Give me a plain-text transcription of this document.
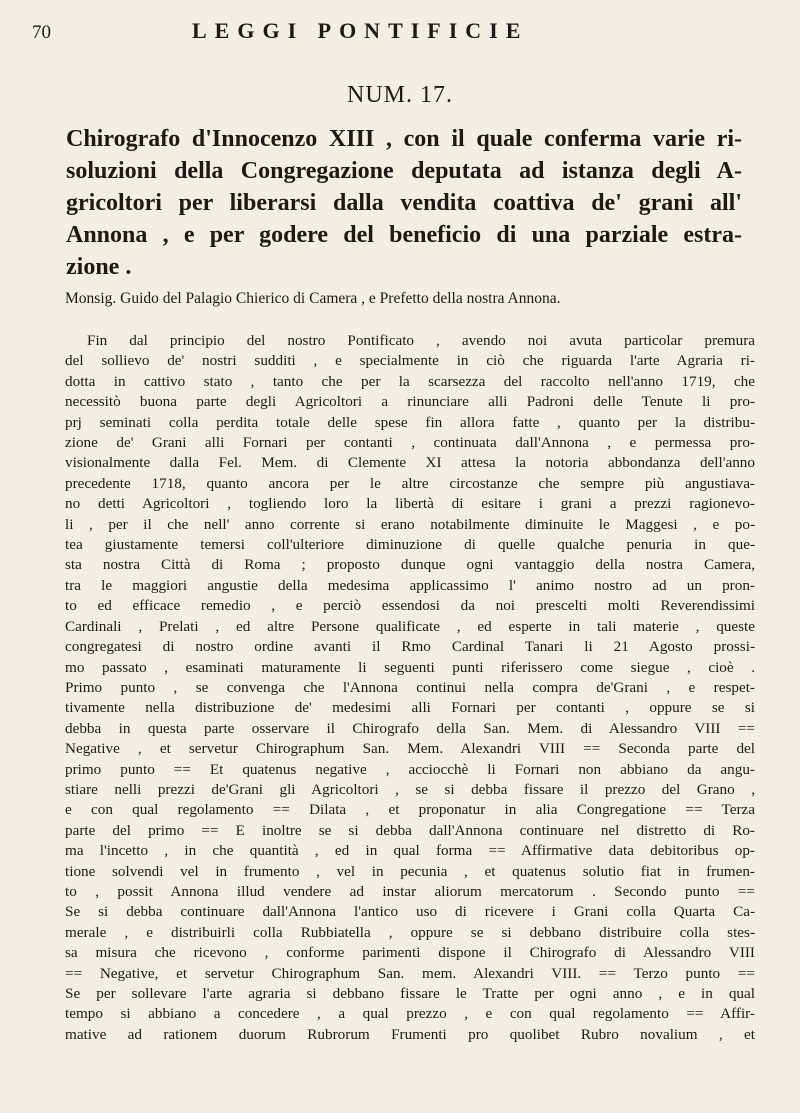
70	LEGGI PONTIFICIE
NUM. 17.
Chirografo d'Innocenzo XIII , con il quale conferma varie ri-
soluzioni della Congregazione deputata ad istanza degli A-
gricoltori per liberarsi dalla vendita coattiva de' grani all'
Annona , e per godere del beneficio di una parziale estra-
zione .
Monsig. Guido del Palagio Chierico di Camera , e Prefetto della nostra Annona.
Fin dal principio del nostro Pontificato , avendo noi avuta particolar premura
del sollievo de' nostri sudditi , e specialmente in ciò che riguarda l'arte Agraria ri-
dotta in cattivo stato , tanto che per la scarsezza del raccolto nell'anno 1719, che
necessitò buona parte degli Agricoltori a rinunciare alli Padroni delle Tenute li pro-
prj seminati colla perdita totale delle spese fin allora fatte , quanto per la distribu-
zione de' Grani alli Fornari per contanti , continuata dall'Annona , e permessa pro-
visionalmente dalla Fel. Mem. di Clemente XI attesa la notoria abbondanza dell'anno
precedente 1718, quanto ancora per le altre circostanze che sempre più angustiava-
no detti Agricoltori , togliendo loro la libertà di esitare i grani a prezzi ragionevo-
li , per il che nell' anno corrente si erano notabilmente diminuite le Maggesi , e po-
tea giustamente temersi coll'ulteriore diminuzione di quelle qualche penuria in que-
sta nostra Città di Roma ; proposto dunque ogni vantaggio della nostra Camera,
tra le maggiori angustie della medesima applicassimo l' animo nostro ad un pron-
to ed efficace remedio , e perciò essendosi da noi prescelti molti Reverendissimi
Cardinali , Prelati , ed altre Persone qualificate , ed esperte in tali materie , queste
congregatesi di nostro ordine avanti il Rmo Cardinal Tanari li 21 Agosto prossi-
mo passato , esaminati maturamente li seguenti punti riferissero come siegue , cioè .
Primo punto , se convenga che l'Annona continui nella compra de'Grani , e respet-
tivamente nella distribuzione de' medesimi alli Fornari per contanti , oppure se si
debba in questa parte osservare il Chirografo della San. Mem. di Alessandro VIII ==
Negative , et servetur Chirographum San. Mem. Alexandri VIII == Seconda parte del
primo punto == Et quatenus negative , acciocchè li Fornari non abbiano da angu-
stiare nelli prezzi de'Grani gli Agricoltori , se si debba fissare il prezzo del Grano ,
e con qual regolamento == Dilata , et proponatur in alia Congregatione == Terza
parte del primo == E inoltre se si debba dall'Annona continuare nel distretto di Ro-
ma l'incetto , in che quantità , ed in qual forma == Affirmative data debitoribus op-
tione solvendi vel in frumento , vel in pecunia , et quatenus solutio fiat in frumen-
to , possit Annona illud vendere ad instar aliorum mercatorum . Secondo punto ==
Se si debba continuare dall'Annona l'antico uso di ricevere i Grani colla Quarta Ca-
merale , e distribuirli colla Rubbiatella , oppure se si debbano distribuire colla stes-
sa misura che ricevono , conforme parimenti dispone il Chirografo di Alessandro VIII
== Negative, et servetur Chirographum San. mem. Alexandri VIII. == Terzo punto ==
Se per sollevare l'arte agraria si debbano fissare le Tratte per ogni anno , e in qual
tempo si abbiano a concedere , a qual prezzo , e con qual regolamento == Affir-
mative ad rationem duorum Rubrorum Frumenti pro quolibet Rubro novalium , et
